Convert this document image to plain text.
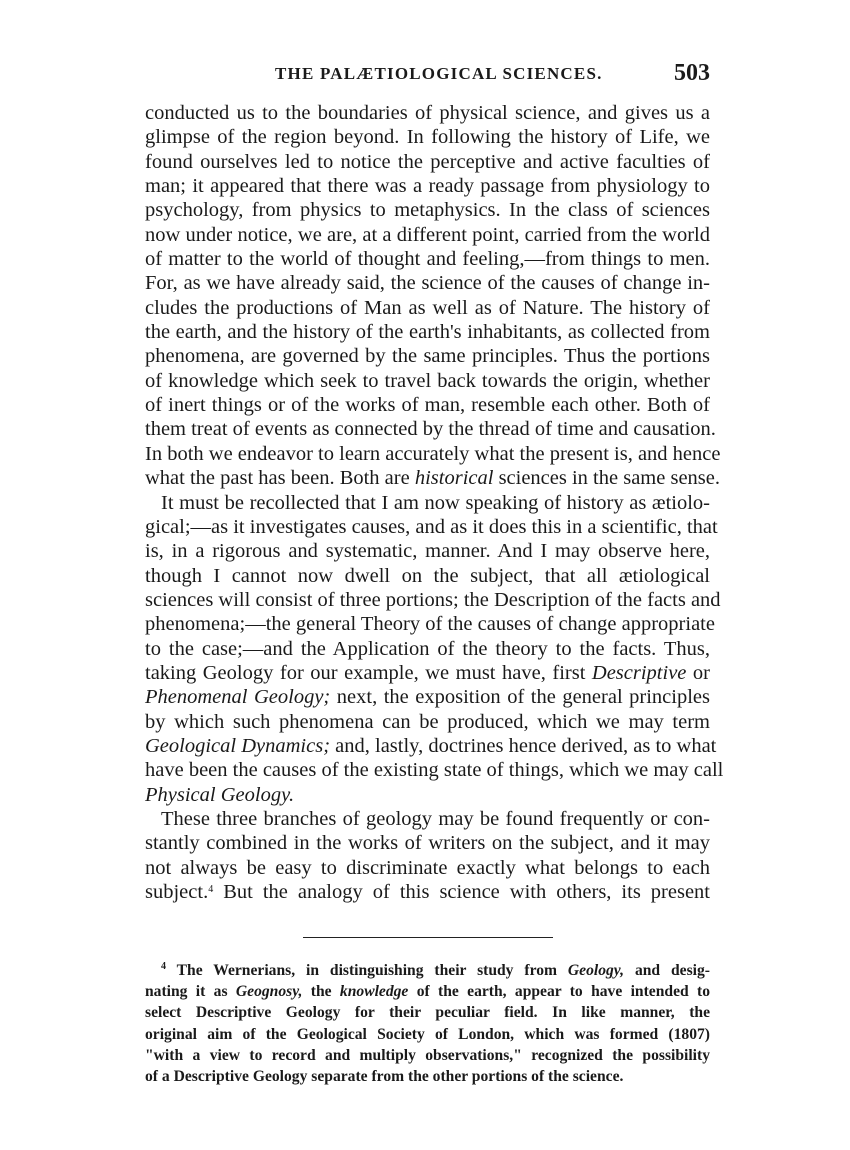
THE PALÆTIOLOGICAL SCIENCES.	503
conducted us to the boundaries of physical science, and gives us a
glimpse of the region beyond. In following the history of Life, we
found ourselves led to notice the perceptive and active faculties of
man; it appeared that there was a ready passage from physiology to
psychology, from physics to metaphysics. In the class of sciences
now under notice, we are, at a different point, carried from the world
of matter to the world of thought and feeling,—from things to men.
For, as we have already said, the science of the causes of change in-
cludes the productions of Man as well as of Nature. The history of
the earth, and the history of the earth's inhabitants, as collected from
phenomena, are governed by the same principles. Thus the portions
of knowledge which seek to travel back towards the origin, whether
of inert things or of the works of man, resemble each other. Both of
them treat of events as connected by the thread of time and causation.
In both we endeavor to learn accurately what the present is, and hence
what the past has been. Both are historical sciences in the same sense.
It must be recollected that I am now speaking of history as ætiolo-
gical;—as it investigates causes, and as it does this in a scientific, that
is, in a rigorous and systematic, manner. And I may observe here,
though I cannot now dwell on the subject, that all ætiological
sciences will consist of three portions; the Description of the facts and
phenomena;—the general Theory of the causes of change appropriate
to the case;—and the Application of the theory to the facts. Thus,
taking Geology for our example, we must have, first Descriptive or
Phenomenal Geology; next, the exposition of the general principles
by which such phenomena can be produced, which we may term
Geological Dynamics; and, lastly, doctrines hence derived, as to what
have been the causes of the existing state of things, which we may call
Physical Geology.
These three branches of geology may be found frequently or con-
stantly combined in the works of writers on the subject, and it may
not always be easy to discriminate exactly what belongs to each
subject.$^4$ But the analogy of this science with others, its present
$^4$ The Wernerians, in distinguishing their study from Geology, and desig-
nating it as Geognosy, the knowledge of the earth, appear to have intended to
select Descriptive Geology for their peculiar field. In like manner, the
original aim of the Geological Society of London, which was formed (1807)
"with a view to record and multiply observations," recognized the possibility
of a Descriptive Geology separate from the other portions of the science.
